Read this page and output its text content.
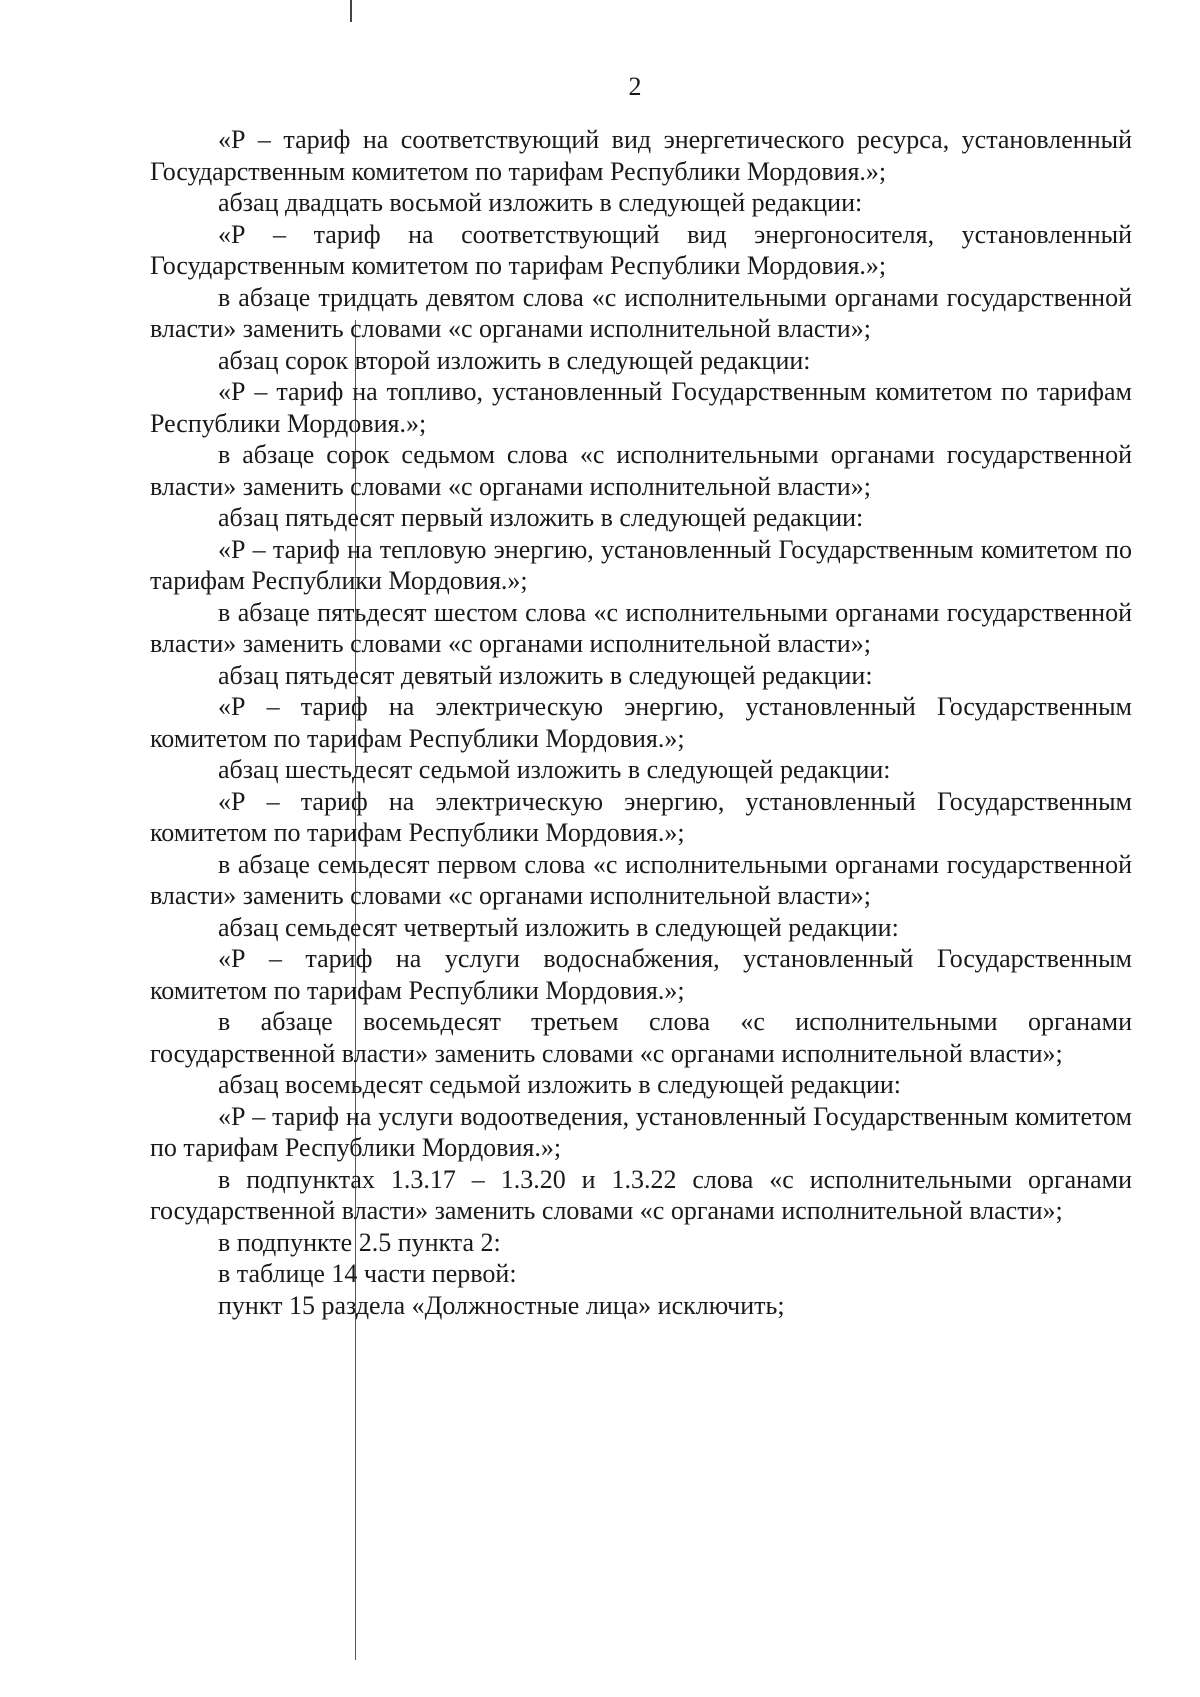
2

«Р – тариф на соответствующий вид энергетического ресурса, установленный Государственным комитетом по тарифам Республики Мордовия.»;

абзац двадцать восьмой изложить в следующей редакции:

«Р – тариф на соответствующий вид энергоносителя, установленный Государственным комитетом по тарифам Республики Мордовия.»;

в абзаце тридцать девятом слова «с исполнительными органами государственной власти» заменить словами «с органами исполнительной власти»;

абзац сорок второй изложить в следующей редакции:

«Р – тариф на топливо, установленный Государственным комитетом по тарифам Республики Мордовия.»;

в абзаце сорок седьмом слова «с исполнительными органами государственной власти» заменить словами «с органами исполнительной власти»;

абзац пятьдесят первый изложить в следующей редакции:

«Р – тариф на тепловую энергию, установленный Государственным комитетом по тарифам Республики Мордовия.»;

в абзаце пятьдесят шестом слова «с исполнительными органами государственной власти» заменить словами «с органами исполнительной власти»;

абзац пятьдесят девятый изложить в следующей редакции:

«Р – тариф на электрическую энергию, установленный Государственным комитетом по тарифам Республики Мордовия.»;

абзац шестьдесят седьмой изложить в следующей редакции:

«Р – тариф на электрическую энергию, установленный Государственным комитетом по тарифам Республики Мордовия.»;

в абзаце семьдесят первом слова «с исполнительными органами государственной власти» заменить словами «с органами исполнительной власти»;

абзац семьдесят четвертый изложить в следующей редакции:

«Р – тариф на услуги водоснабжения, установленный Государственным комитетом по тарифам Республики Мордовия.»;

в абзаце восемьдесят третьем слова «с исполнительными органами государственной власти» заменить словами «с органами исполнительной власти»;

абзац восемьдесят седьмой изложить в следующей редакции:

«Р – тариф на услуги водоотведения, установленный Государственным комитетом по тарифам Республики Мордовия.»;

в подпунктах 1.3.17 – 1.3.20 и 1.3.22 слова «с исполнительными органами государственной власти» заменить словами «с органами исполнительной власти»;

в подпункте 2.5 пункта 2:

в таблице 14 части первой:

пункт 15 раздела «Должностные лица» исключить;
